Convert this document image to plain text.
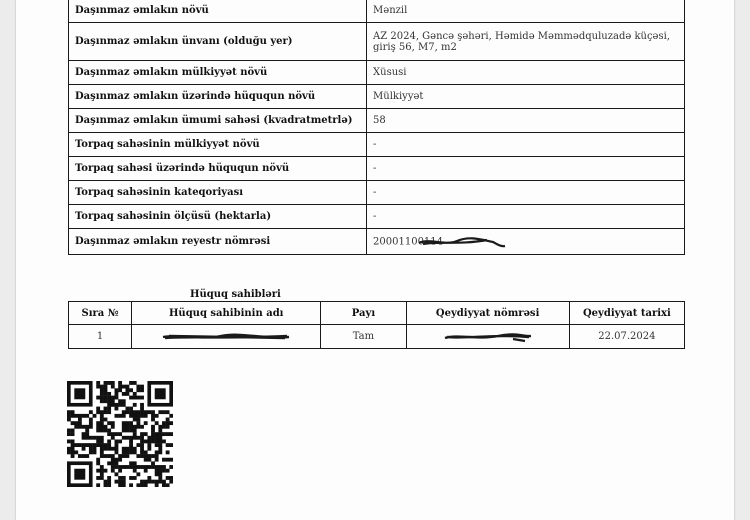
Daşınmaz əmlakın növü	Mənzil
Daşınmaz əmlakın ünvanı (olduğu yer)	AZ 2024, Gəncə şəhəri, Həmidə Məmmədquluzadə küçəsi, giriş 56, M7, m2
Daşınmaz əmlakın mülkiyyət növü	Xüsusi
Daşınmaz əmlakın üzərində hüququn növü	Mülkiyyət
Daşınmaz əmlakın ümumi sahəsi (kvadratmetrlə)	58
Torpaq sahəsinin mülkiyyət növü	-
Torpaq sahəsi üzərində hüququn növü	-
Torpaq sahəsinin kateqoriyası	-
Torpaq sahəsinin ölçüsü (hektarla)	-
Daşınmaz əmlakın reyestr nömrəsi	20001100114
Hüquq sahibləri
Sıra №	Hüquq sahibinin adı	Payı	Qeydiyyat nömrəsi	Qeydiyyat tarixi
1		Tam		22.07.2024
